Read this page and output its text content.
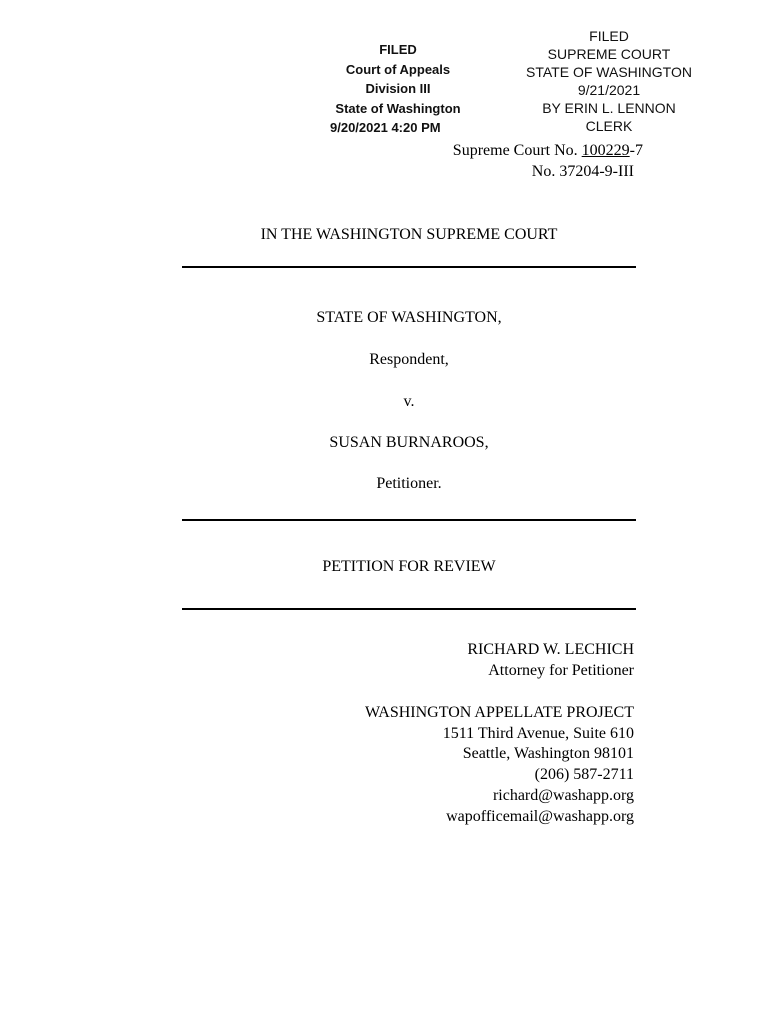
FILED
Court of Appeals
Division III
State of Washington
9/20/2021 4:20 PM
FILED
SUPREME COURT
STATE OF WASHINGTON
9/21/2021
BY ERIN L. LENNON
CLERK
Supreme Court No. 100229-7
No. 37204-9-III
IN THE WASHINGTON SUPREME COURT
STATE OF WASHINGTON,
Respondent,
v.
SUSAN BURNAROOS,
Petitioner.
PETITION FOR REVIEW
RICHARD W. LECHICH
Attorney for Petitioner
WASHINGTON APPELLATE PROJECT
1511 Third Avenue, Suite 610
Seattle, Washington 98101
(206) 587-2711
richard@washapp.org
wapofficemail@washapp.org
